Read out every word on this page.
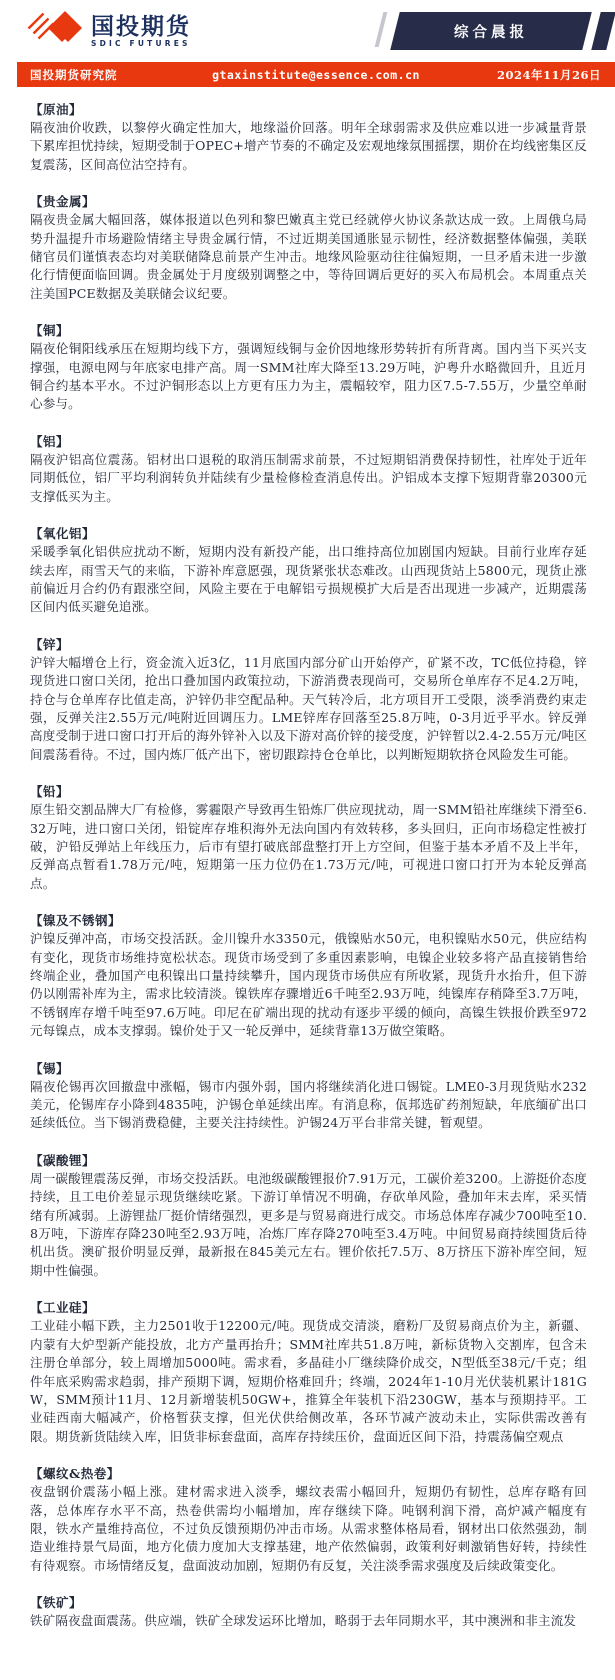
国投期货
SDIC FUTURES
综合晨报
国投期货研究院	gtaxinstitute@essence.com.cn	2024年11月26日
【原油】

隔夜油价收跌，以黎停火确定性加大，地缘溢价回落。明年全球弱需求及供应难以进一步减量背景下累库担忧持续，短期受制于OPEC+增产节奏的不确定及宏观地缘氛围摇摆，期价在均线密集区反复震荡，区间高位沽空持有。

【贵金属】

隔夜贵金属大幅回落，媒体报道以色列和黎巴嫩真主党已经就停火协议条款达成一致。上周俄乌局势升温提升市场避险情绪主导贵金属行情，不过近期美国通胀显示韧性，经济数据整体偏强，美联储官员们谨慎表态均对美联储降息前景产生冲击。地缘风险驱动往往偏短期，一旦矛盾未进一步激化行情便面临回调。贵金属处于月度级别调整之中，等待回调后更好的买入布局机会。本周重点关注美国PCE数据及美联储会议纪要。

【铜】

隔夜伦铜阳线承压在短期均线下方，强调短线铜与金价因地缘形势转折有所背离。国内当下买兴支撑强，电源电网与年底家电排产高。周一SMM社库大降至13.29万吨，沪粤升水略微回升，且近月铜合约基本平水。不过沪铜形态以上方更有压力为主，震幅较窄，阻力区7.5-7.55万，少量空单耐心参与。

【铝】

隔夜沪铝高位震荡。铝材出口退税的取消压制需求前景，不过短期铝消费保持韧性，社库处于近年同期低位，铝厂平均利润转负并陆续有少量检修检查消息传出。沪铝成本支撑下短期背靠20300元支撑低买为主。

【氧化铝】

采暖季氧化铝供应扰动不断，短期内没有新投产能，出口维持高位加剧国内短缺。目前行业库存延续去库，雨雪天气的来临，下游补库意愿强，现货紧张状态难改。山西现货站上5800元，现货止涨前偏近月合约仍有跟涨空间，风险主要在于电解铝亏损规模扩大后是否出现进一步减产，近期震荡区间内低买避免追涨。

【锌】

沪锌大幅增仓上行，资金流入近3亿，11月底国内部分矿山开始停产，矿紧不改，TC低位持稳，锌现货进口窗口关闭，抢出口叠加国内政策拉动，下游消费表现尚可，交易所仓单库存不足4.2万吨，持仓与仓单库存比值走高，沪锌仍非空配品种。天气转冷后，北方项目开工受限，淡季消费约束走强，反弹关注2.55万元/吨附近回调压力。LME锌库存回落至25.8万吨，0-3月近乎平水。锌反弹高度受制于进口窗口打开后的海外锌补入以及下游对高价锌的接受度，沪锌暂以2.4-2.55万元/吨区间震荡看待。不过，国内炼厂低产出下，密切跟踪持仓仓单比，以判断短期软挤仓风险发生可能。

【铅】

原生铅交割品牌大厂有检修，雾霾限产导致再生铅炼厂供应现扰动，周一SMM铅社库继续下滑至6.32万吨，进口窗口关闭，铅锭库存堆积海外无法向国内有效转移，多头回归，正向市场稳定性被打破，沪铅反弹站上年线压力，后市有望打破底部盘整打开上方空间，但鉴于基本矛盾不及上半年，反弹高点暂看1.78万元/吨，短期第一压力位仍在1.73万元/吨，可视进口窗口打开为本轮反弹高点。

【镍及不锈钢】

沪镍反弹冲高，市场交投活跃。金川镍升水3350元，俄镍贴水50元，电积镍贴水50元，供应结构有变化，现货市场维持宽松状态。现货市场受到了多重因素影响，电镍企业较多将产品直接销售给终端企业，叠加国产电积镍出口量持续攀升，国内现货市场供应有所收紧，现货升水抬升，但下游仍以刚需补库为主，需求比较清淡。镍铁库存骤增近6千吨至2.93万吨，纯镍库存稍降至3.7万吨，不锈钢库存增千吨至97.6万吨。印尼在矿端出现的扰动有逐步平缓的倾向，高镍生铁报价跌至972元每镍点，成本支撑弱。镍价处于又一轮反弹中，延续背靠13万做空策略。

【锡】

隔夜伦锡再次回撤盘中涨幅，锡市内强外弱，国内将继续消化进口锡锭。LME0-3月现货贴水232美元，伦锡库存小降到4835吨，沪锡仓单延续出库。有消息称，佤邦选矿药剂短缺，年底缅矿出口延续低位。当下锡消费稳健，主要关注持续性。沪锡24万平台非常关键，暂观望。

【碳酸锂】

周一碳酸锂震荡反弹，市场交投活跃。电池级碳酸锂报价7.91万元，工碳价差3200。上游挺价态度持续，且工电价差显示现货继续吃紧。下游订单情况不明确，存砍单风险，叠加年末去库，采买情绪有所减弱。上游锂盐厂挺价情绪强烈，更多是与贸易商进行成交。市场总体库存减少700吨至10.8万吨，下游库存降230吨至2.93万吨，冶炼厂库存降270吨至3.4万吨。中间贸易商持续囤货后待机出货。澳矿报价明显反弹，最新报在845美元左右。锂价依托7.5万、8万挤压下游补库空间，短期中性偏强。

【工业硅】

工业硅小幅下跌，主力2501收于12200元/吨。现货成交清淡，磨粉厂及贸易商点价为主，新疆、内蒙有大炉型新产能投放，北方产量再抬升；SMM社库共51.8万吨，新标货物入交割库，包含未注册仓单部分，较上周增加5000吨。需求看，多晶硅小厂继续降价成交，N型低至38元/千克；组件年底采购需求趋弱，排产预期下调，短期价格难回升；终端，2024年1-10月光伏装机累计181GW，SMM预计11月、12月新增装机50GW+，推算全年装机下沿230GW，基本与预期持平。工业硅西南大幅减产，价格暂获支撑，但光伏供给侧改革，各环节减产波动未止，实际供需改善有限。期货新货陆续入库，旧货非标套盘面，高库存持续压价，盘面近区间下沿，持震荡偏空观点

【螺纹&热卷】

夜盘钢价震荡小幅上涨。建材需求进入淡季，螺纹表需小幅回升，短期仍有韧性，总库存略有回落，总体库存水平不高，热卷供需均小幅增加，库存继续下降。吨钢利润下滑，高炉减产幅度有限，铁水产量维持高位，不过负反馈预期仍冲击市场。从需求整体格局看，钢材出口依然强劲，制造业维持景气局面，地方化债力度加大支撑基建，地产依然偏弱，政策利好刺激销售好转，持续性有待观察。市场情绪反复，盘面波动加剧，短期仍有反复，关注淡季需求强度及后续政策变化。

【铁矿】

铁矿隔夜盘面震荡。供应端，铁矿全球发运环比增加，略弱于去年同期水平，其中澳洲和非主流发
